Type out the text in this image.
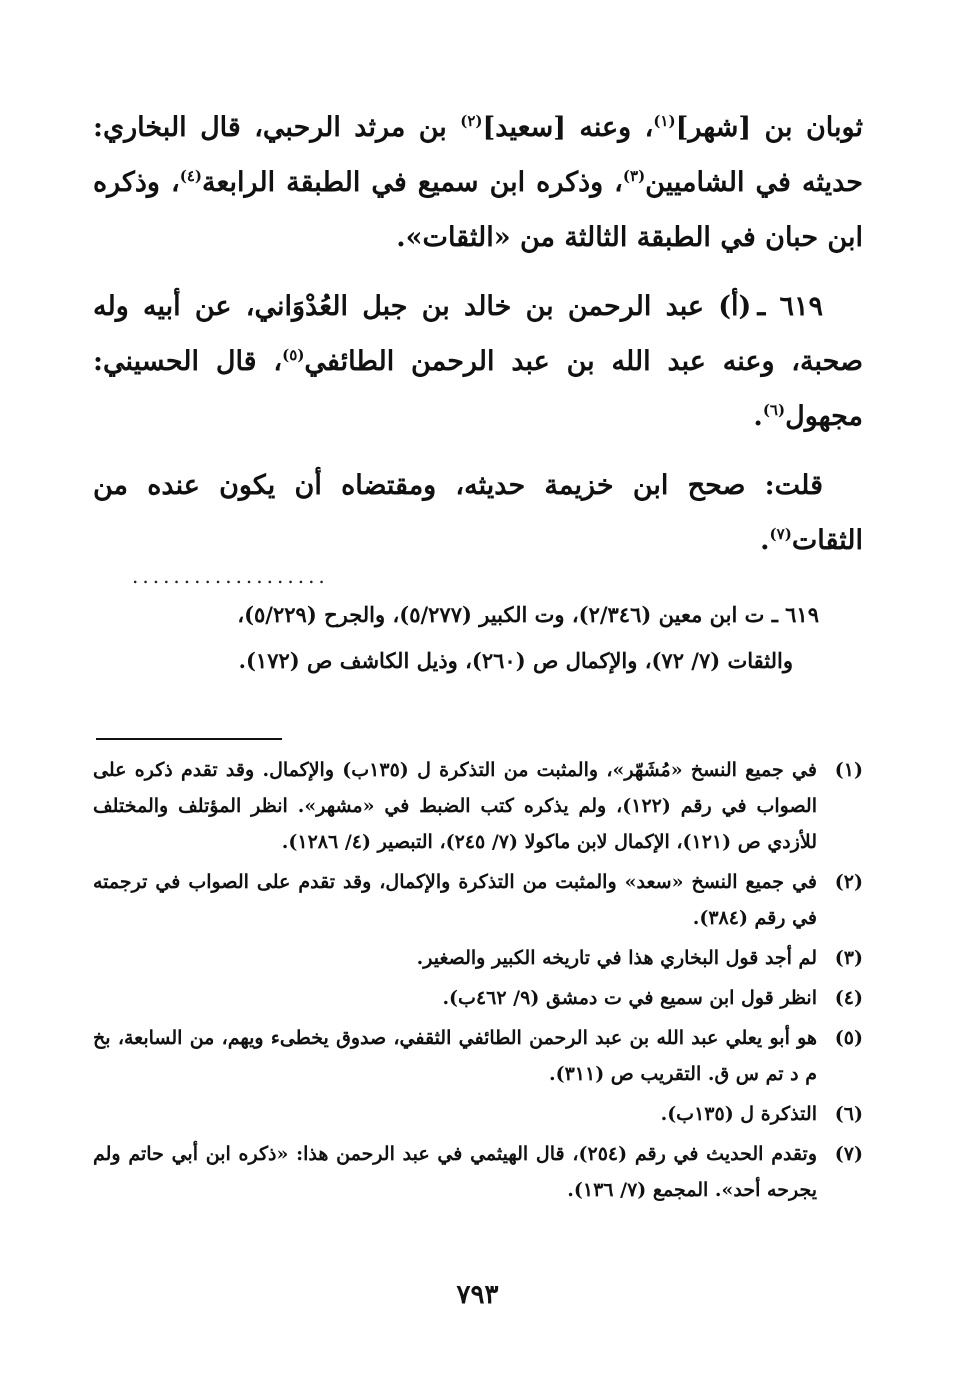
ثوبان بن [شهر]$^{(١)}$، وعنه [سعيد]$^{(٢)}$ بن مرثد الرحبي، قال البخاري: حديثه في الشاميين$^{(٣)}$، وذكره ابن سميع في الطبقة الرابعة$^{(٤)}$، وذكره ابن حبان في الطبقة الثالثة من «الثقات».

٦١٩ ـ(أ) عبد الرحمن بن خالد بن جبل العُدْوَاني، عن أبيه وله صحبة، وعنه عبد الله بن عبد الرحمن الطائفي$^{(٥)}$، قال الحسيني: مجهول$^{(٦)}$.

قلت: صحح ابن خزيمة حديثه، ومقتضاه أن يكون عنده من الثقات$^{(٧)}$.

...................

٦١٩ ـ ت ابن معين (٢/٣٤٦)، وت الكبير (٥/٢٧٧)، والجرح (٥/٢٢٩)،

والثقات (٧/ ٧٢)، والإكمال ص (٢٦٠)، وذيل الكاشف ص (١٧٢).

(١)
في جميع النسخ «مُشَهّر»، والمثبت من التذكرة ل (١٣٥ب) والإكمال. وقد تقدم ذكره على الصواب في رقم (١٢٢)، ولم يذكره كتب الضبط في «مشهر». انظر المؤتلف والمختلف للأزدي ص (١٢١)، الإكمال لابن ماكولا (٧/ ٢٤٥)، التبصير (٤/ ١٢٨٦).
(٢)
في جميع النسخ «سعد» والمثبت من التذكرة والإكمال، وقد تقدم على الصواب في ترجمته في رقم (٣٨٤).
(٣)
لم أجد قول البخاري هذا في تاريخه الكبير والصغير.
(٤)
انظر قول ابن سميع في ت دمشق (٩/ ٤٦٢ب).
(٥)
هو أبو يعلي عبد الله بن عبد الرحمن الطائفي الثقفي، صدوق يخطىء ويهم، من السابعة، بخ م د تم س ق. التقريب ص (٣١١).
(٦)
التذكرة ل (١٣٥ب).
(٧)
وتقدم الحديث في رقم (٢٥٤)، قال الهيثمي في عبد الرحمن هذا: «ذكره ابن أبي حاتم ولم يجرحه أحد». المجمع (٧/ ١٣٦).
٧٩٣
